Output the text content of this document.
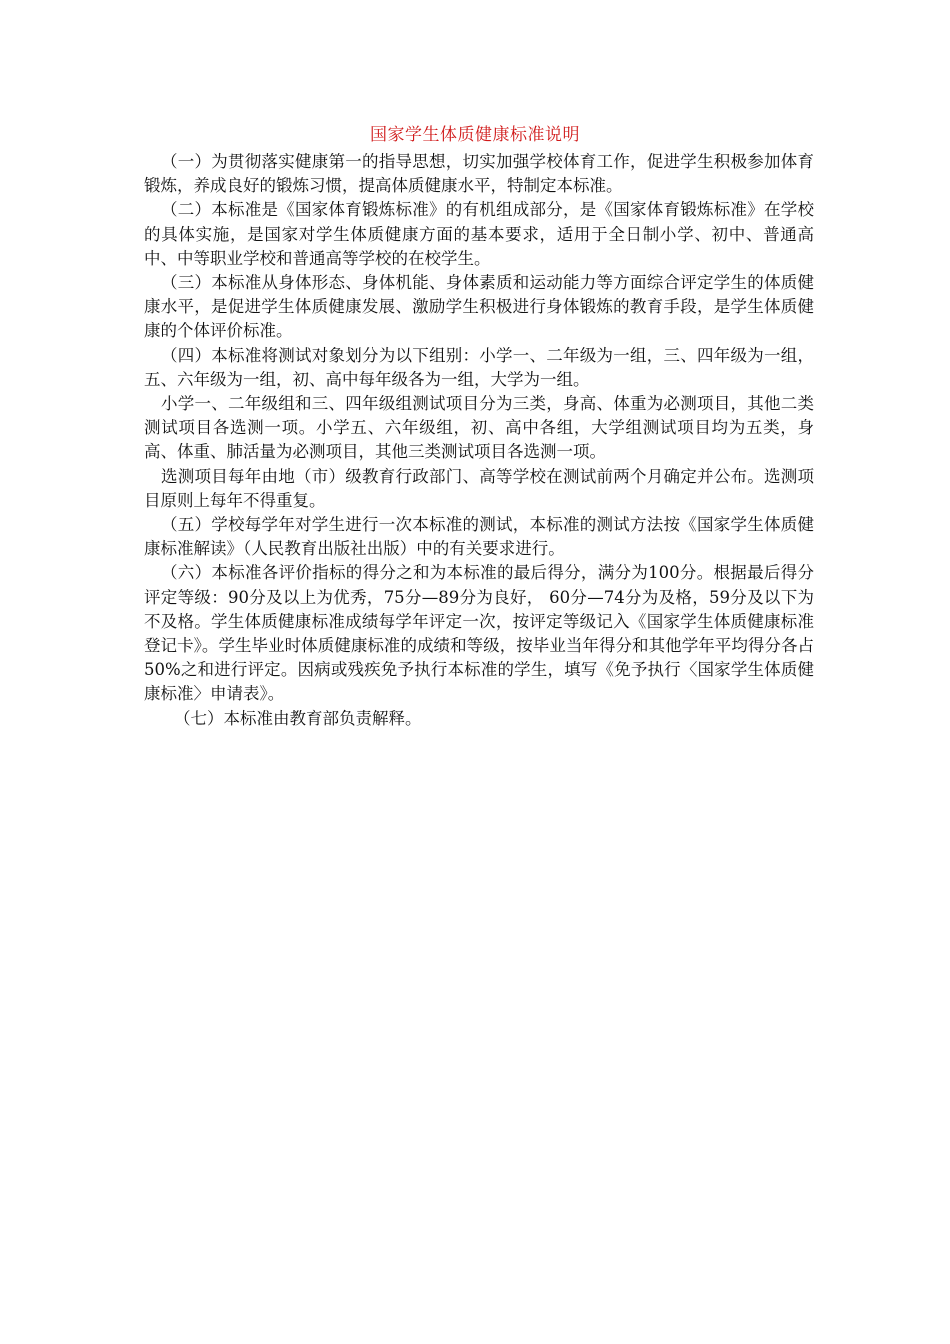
国家学生体质健康标准说明

（一）为贯彻落实健康第一的指导思想，切实加强学校体育工作，促进学生积极参加体育锻炼，养成良好的锻炼习惯，提高体质健康水平，特制定本标准。

（二）本标准是《国家体育锻炼标准》的有机组成部分，是《国家体育锻炼标准》在学校的具体实施，是国家对学生体质健康方面的基本要求，适用于全日制小学、初中、普通高中、中等职业学校和普通高等学校的在校学生。

（三）本标准从身体形态、身体机能、身体素质和运动能力等方面综合评定学生的体质健康水平，是促进学生体质健康发展、激励学生积极进行身体锻炼的教育手段，是学生体质健康的个体评价标准。

（四）本标准将测试对象划分为以下组别：小学一、二年级为一组，三、四年级为一组，五、六年级为一组，初、高中每年级各为一组，大学为一组。

小学一、二年级组和三、四年级组测试项目分为三类，身高、体重为必测项目，其他二类测试项目各选测一项。小学五、六年级组，初、高中各组，大学组测试项目均为五类，身高、体重、肺活量为必测项目，其他三类测试项目各选测一项。

选测项目每年由地（市）级教育行政部门、高等学校在测试前两个月确定并公布。选测项目原则上每年不得重复。

（五）学校每学年对学生进行一次本标准的测试，本标准的测试方法按《国家学生体质健康标准解读》（人民教育出版社出版）中的有关要求进行。

（六）本标准各评价指标的得分之和为本标准的最后得分，满分为100分。根据最后得分评定等级：90分及以上为优秀，75分—89分为良好， 60分—74分为及格，59分及以下为不及格。学生体质健康标准成绩每学年评定一次，按评定等级记入《国家学生体质健康标准登记卡》。学生毕业时体质健康标准的成绩和等级，按毕业当年得分和其他学年平均得分各占50%之和进行评定。因病或残疾免予执行本标准的学生，填写《免予执行〈国家学生体质健康标准〉申请表》。

（七）本标准由教育部负责解释。
